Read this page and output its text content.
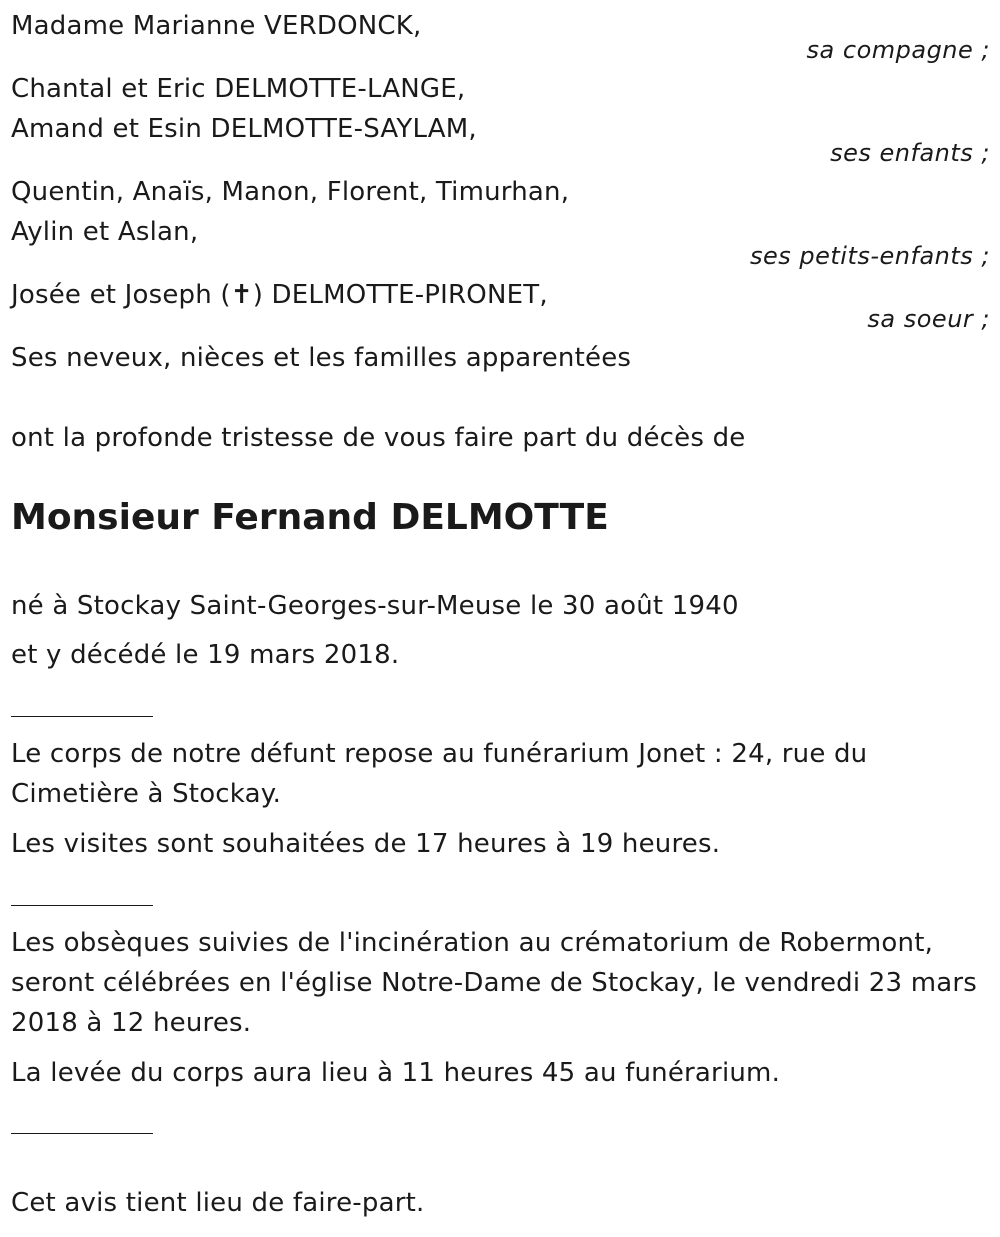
Madame Marianne VERDONCK,
sa compagne ;
Chantal et Eric DELMOTTE-LANGE,
Amand et Esin DELMOTTE-SAYLAM,
ses enfants ;
Quentin, Anaïs, Manon, Florent, Timurhan,
Aylin et Aslan,
ses petits-enfants ;
Josée et Joseph (✝) DELMOTTE-PIRONET,
sa soeur ;
Ses neveux, nièces et les familles apparentées
ont la profonde tristesse de vous faire part du décès de
Monsieur Fernand DELMOTTE
né à Stockay Saint-Georges-sur-Meuse le 30 août 1940
et y décédé le 19 mars 2018.
Le corps de notre défunt repose au funérarium Jonet : 24, rue du
Cimetière à Stockay.
Les visites sont souhaitées de 17 heures à 19 heures.
Les obsèques suivies de l'incinération au crématorium de Robermont,
seront célébrées en l'église Notre-Dame de Stockay, le vendredi 23 mars
2018 à 12 heures.
La levée du corps aura lieu à 11 heures 45 au funérarium.
Cet avis tient lieu de faire-part.
